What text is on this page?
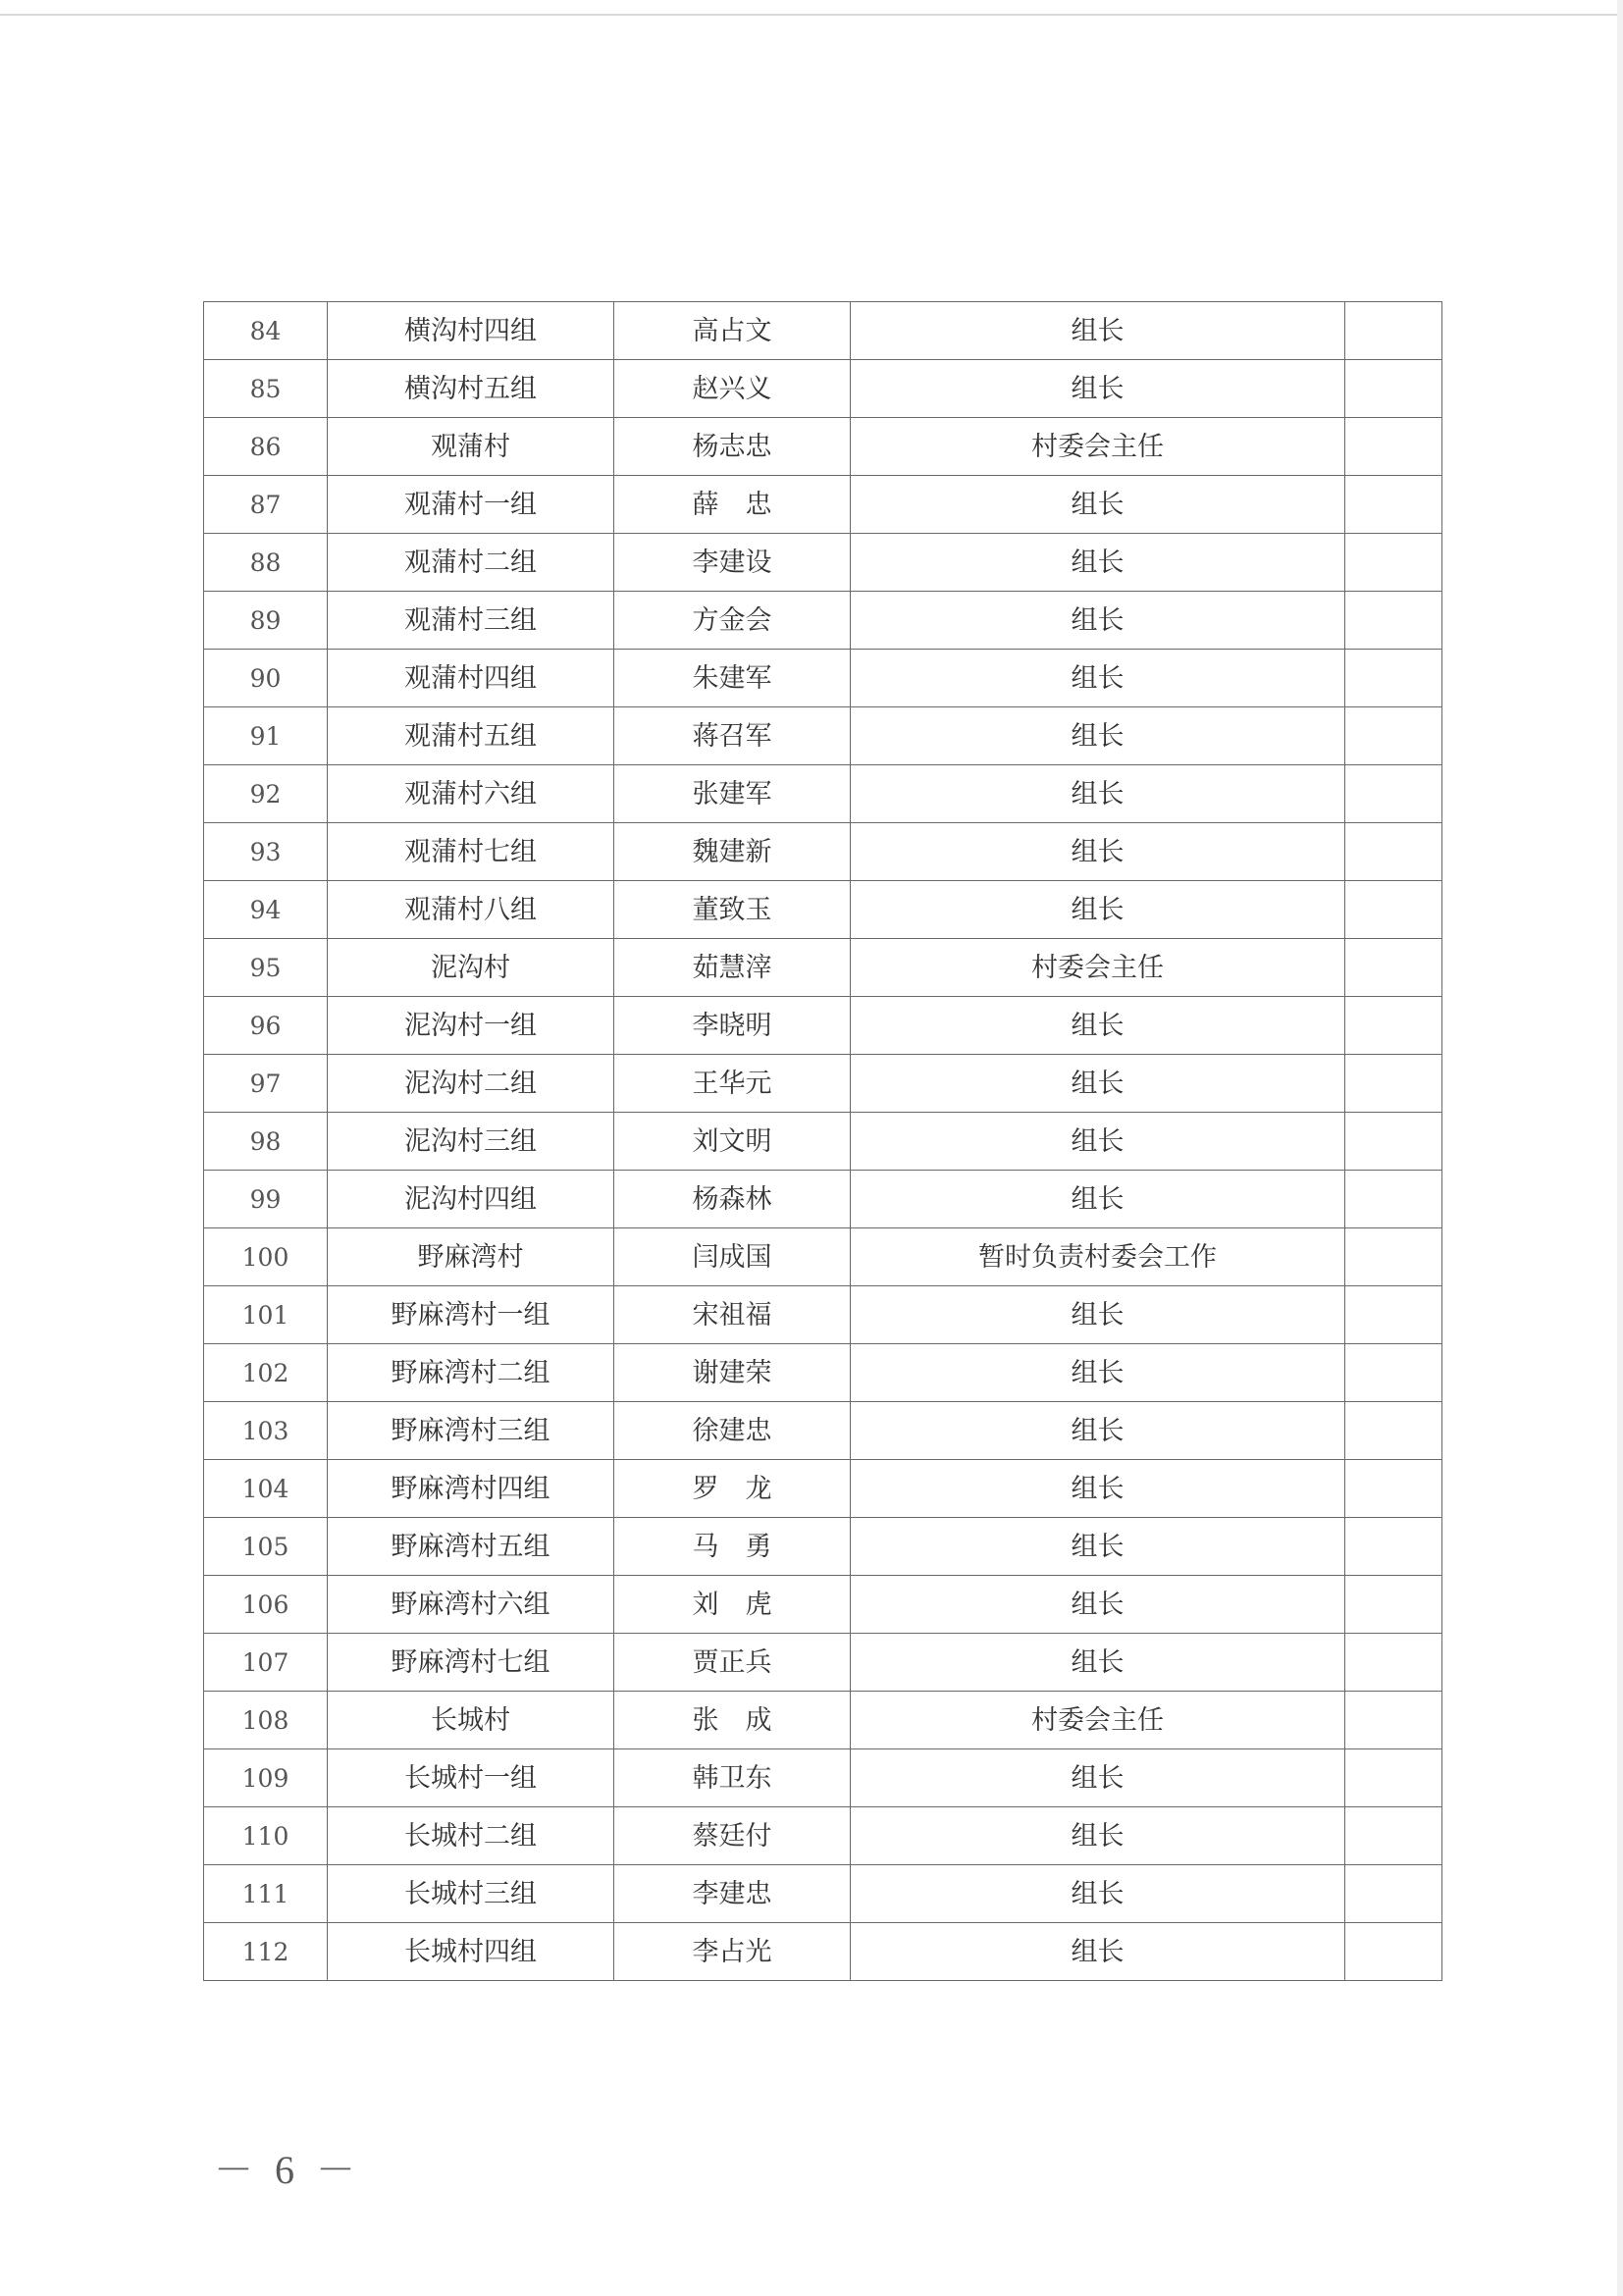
84	横沟村四组	高占文	组长	
85	横沟村五组	赵兴义	组长	
86	观蒲村	杨志忠	村委会主任	
87	观蒲村一组	薛　忠	组长	
88	观蒲村二组	李建设	组长	
89	观蒲村三组	方金会	组长	
90	观蒲村四组	朱建军	组长	
91	观蒲村五组	蒋召军	组长	
92	观蒲村六组	张建军	组长	
93	观蒲村七组	魏建新	组长	
94	观蒲村八组	董致玉	组长	
95	泥沟村	茹慧滓	村委会主任	
96	泥沟村一组	李晓明	组长	
97	泥沟村二组	王华元	组长	
98	泥沟村三组	刘文明	组长	
99	泥沟村四组	杨森林	组长	
100	野麻湾村	闫成国	暂时负责村委会工作	
101	野麻湾村一组	宋祖福	组长	
102	野麻湾村二组	谢建荣	组长	
103	野麻湾村三组	徐建忠	组长	
104	野麻湾村四组	罗　龙	组长	
105	野麻湾村五组	马　勇	组长	
106	野麻湾村六组	刘　虎	组长	
107	野麻湾村七组	贾正兵	组长	
108	长城村	张　成	村委会主任	
109	长城村一组	韩卫东	组长	
110	长城村二组	蔡廷付	组长	
111	长城村三组	李建忠	组长	
112	长城村四组	李占光	组长	
－ 6 －
